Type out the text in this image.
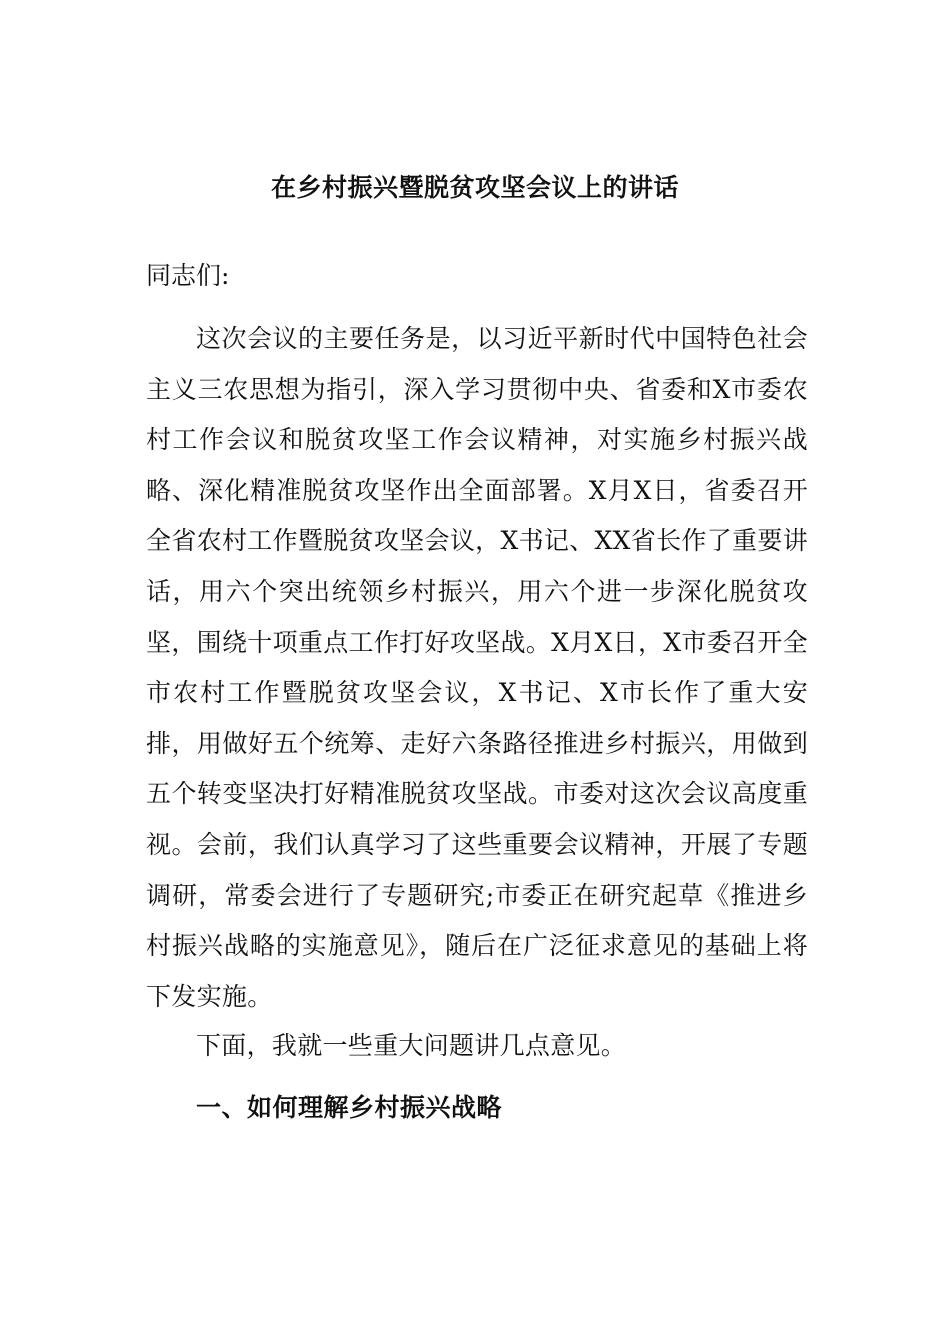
在乡村振兴暨脱贫攻坚会议上的讲话
同志们:
这次会议的主要任务是，以习近平新时代中国特色社会主义三农思想为指引，深入学习贯彻中央、省委和X市委农村工作会议和脱贫攻坚工作会议精神，对实施乡村振兴战略、深化精准脱贫攻坚作出全面部署。X月X日，省委召开全省农村工作暨脱贫攻坚会议，X书记、XX省长作了重要讲话，用六个突出统领乡村振兴，用六个进一步深化脱贫攻坚，围绕十项重点工作打好攻坚战。X月X日，X市委召开全市农村工作暨脱贫攻坚会议，X书记、X市长作了重大安排，用做好五个统筹、走好六条路径推进乡村振兴，用做到五个转变坚决打好精准脱贫攻坚战。市委对这次会议高度重视。会前，我们认真学习了这些重要会议精神，开展了专题调研，常委会进行了专题研究;市委正在研究起草《推进乡村振兴战略的实施意见》，随后在广泛征求意见的基础上将下发实施。
下面，我就一些重大问题讲几点意见。
一、如何理解乡村振兴战略
